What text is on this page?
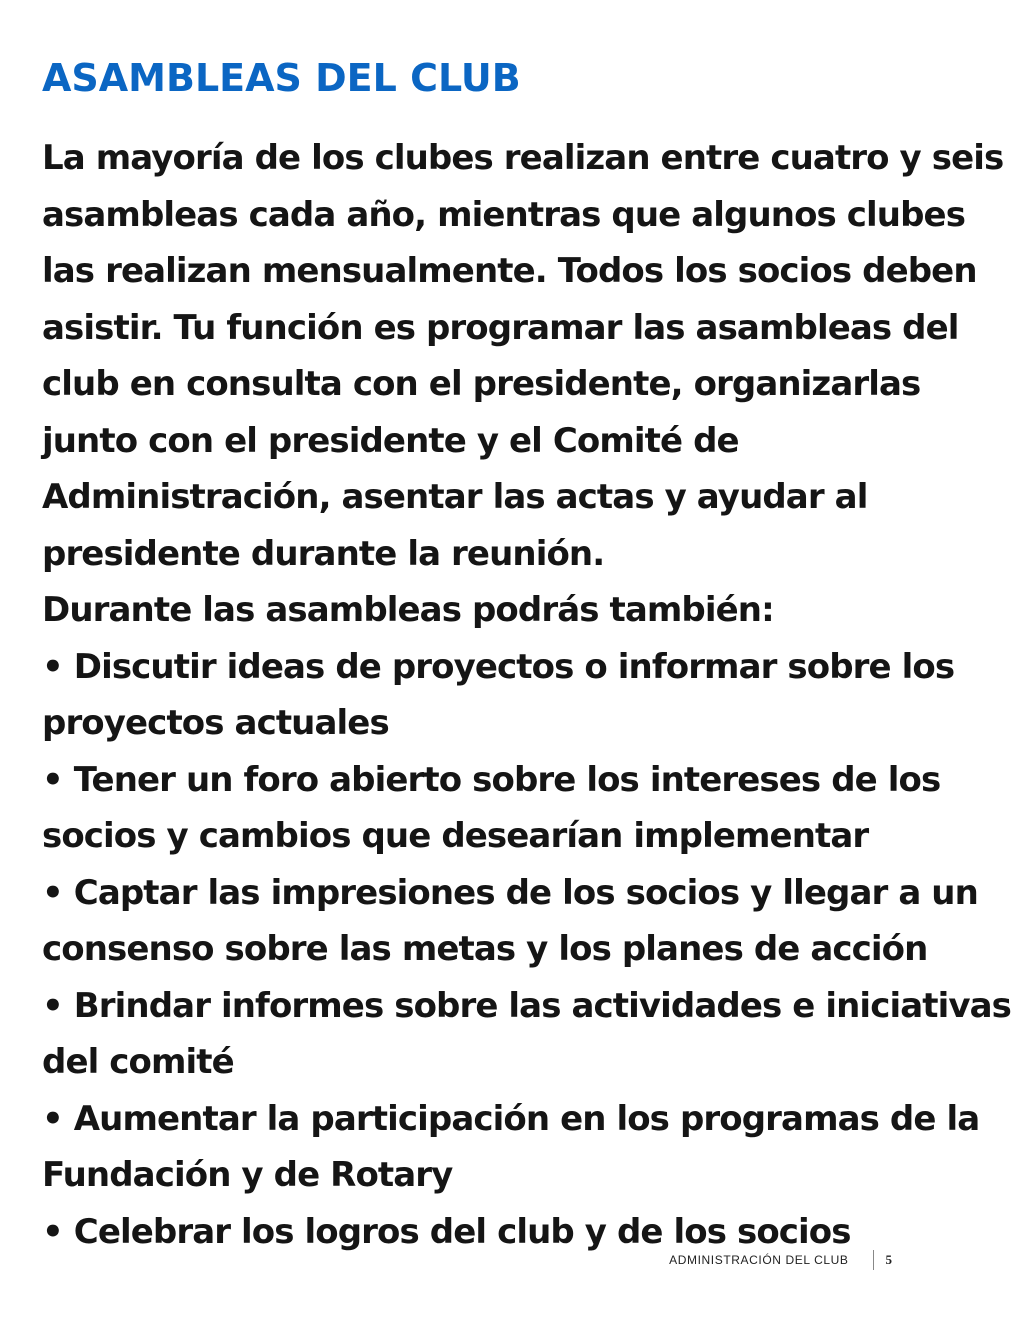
ASAMBLEAS DEL CLUB

La mayoría de los clubes realizan entre cuatro y seis asambleas cada año, mientras que algunos clubes las realizan mensualmente. Todos los socios deben asistir. Tu función es programar las asambleas del club en consulta con el presidente, organizarlas junto con el presidente y el Comité de Administración, asentar las actas y ayudar al presidente durante la reunión.

Durante las asambleas podrás también:

• Discutir ideas de proyectos o informar sobre los proyectos actuales
• Tener un foro abierto sobre los intereses de los socios y cambios que desearían implementar
• Captar las impresiones de los socios y llegar a un consenso sobre las metas y los planes de acción
• Brindar informes sobre las actividades e iniciativas del comité
• Aumentar la participación en los programas de la Fundación y de Rotary
• Celebrar los logros del club y de los socios
ADMINISTRACIÓN DEL CLUB	5
